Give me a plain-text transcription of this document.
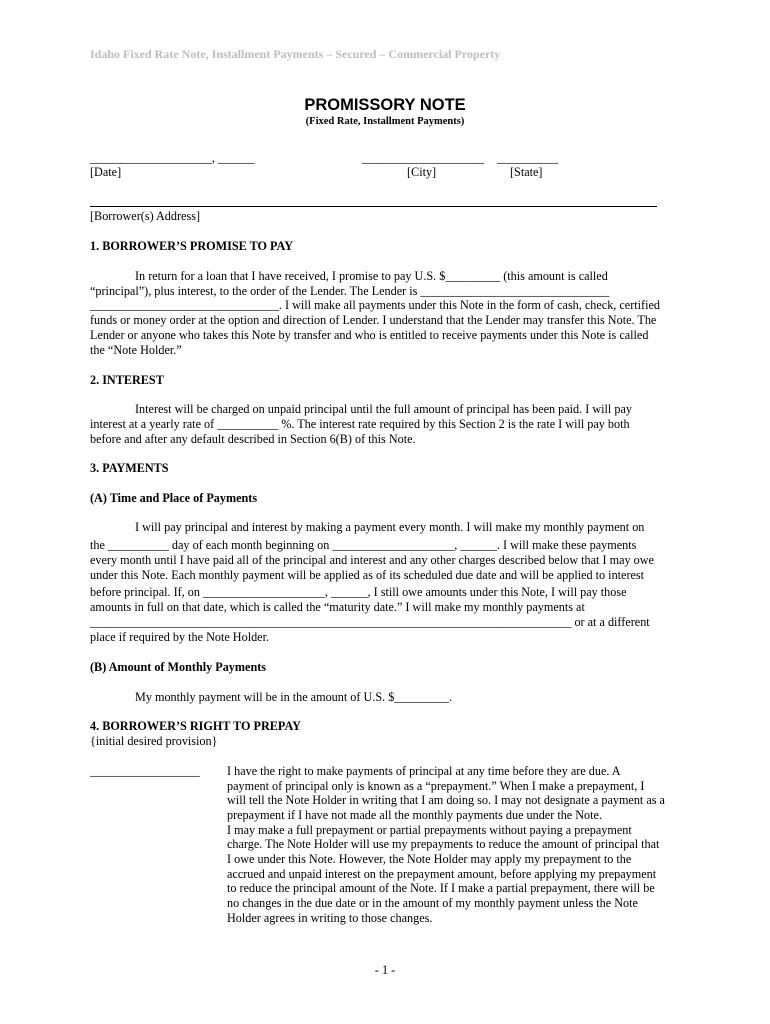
Idaho Fixed Rate Note, Installment Payments – Secured – Commercial Property
PROMISSORY NOTE
(Fixed Rate, Installment Payments)
____________________, ______	____________________ __________
[Date]	[City]	[State]
[Borrower(s) Address]
1. BORROWER’S PROMISE TO PAY
In return for a loan that I have received, I promise to pay U.S. $_________ (this amount is called
“principal”), plus interest, to the order of the Lender. The Lender is _______________________________
_______________________________. I will make all payments under this Note in the form of cash, check, certified
funds or money order at the option and direction of Lender. I understand that the Lender may transfer this Note. The
Lender or anyone who takes this Note by transfer and who is entitled to receive payments under this Note is called
the “Note Holder.”
2. INTEREST
Interest will be charged on unpaid principal until the full amount of principal has been paid. I will pay
interest at a yearly rate of __________ %. The interest rate required by this Section 2 is the rate I will pay both
before and after any default described in Section 6(B) of this Note.
3. PAYMENTS
(A) Time and Place of Payments
I will pay principal and interest by making a payment every month. I will make my monthly payment on
the __________ day of each month beginning on ____________________, ______. I will make these payments
every month until I have paid all of the principal and interest and any other charges described below that I may owe
under this Note. Each monthly payment will be applied as of its scheduled due date and will be applied to interest
before principal. If, on ____________________, ______, I still owe amounts under this Note, I will pay those
amounts in full on that date, which is called the “maturity date.” I will make my monthly payments at
_______________________________________________________________________________ or at a different
place if required by the Note Holder.
(B) Amount of Monthly Payments
My monthly payment will be in the amount of U.S. $_________.
4. BORROWER’S RIGHT TO PREPAY
{initial desired provision}
__________________ I have the right to make payments of principal at any time before they are due. A
payment of principal only is known as a “prepayment.” When I make a prepayment, I
will tell the Note Holder in writing that I am doing so. I may not designate a payment as a
prepayment if I have not made all the monthly payments due under the Note.
I may make a full prepayment or partial prepayments without paying a prepayment
charge. The Note Holder will use my prepayments to reduce the amount of principal that
I owe under this Note. However, the Note Holder may apply my prepayment to the
accrued and unpaid interest on the prepayment amount, before applying my prepayment
to reduce the principal amount of the Note. If I make a partial prepayment, there will be
no changes in the due date or in the amount of my monthly payment unless the Note
Holder agrees in writing to those changes.
- 1 -
